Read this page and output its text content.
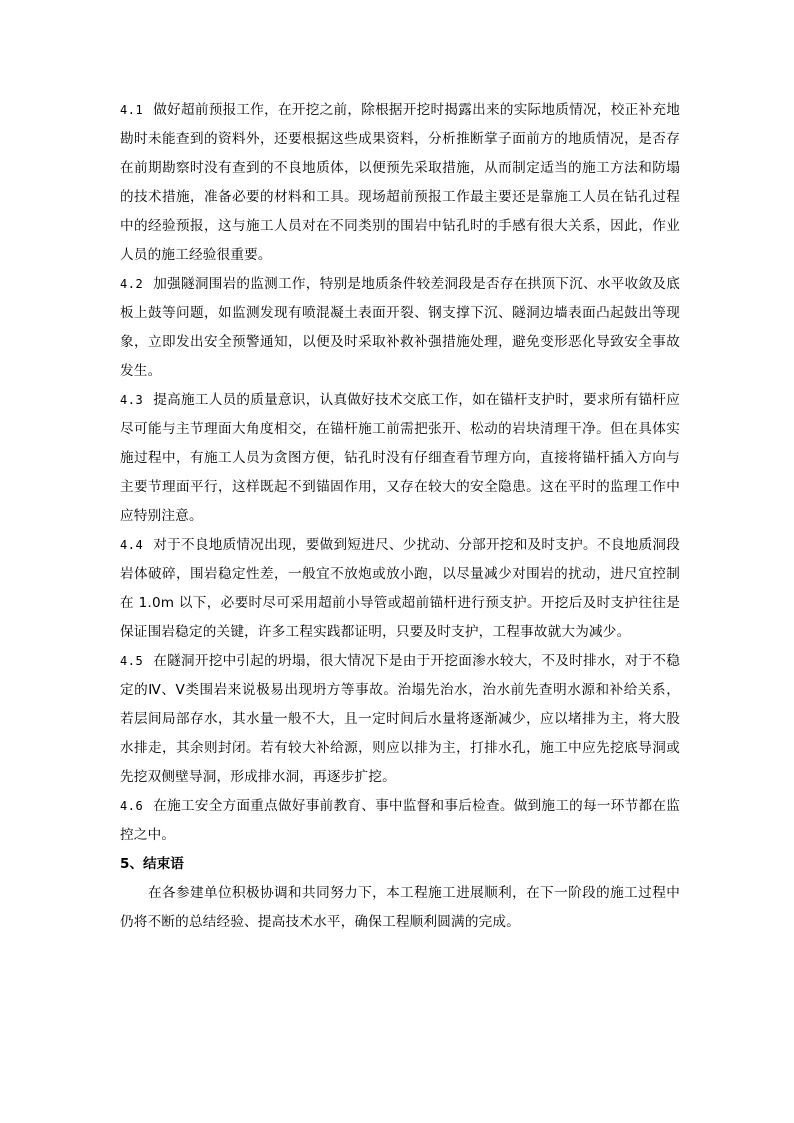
4.1 做好超前预报工作，在开挖之前，除根据开挖时揭露出来的实际地质情况，校正补充地勘时未能查到的资料外，还要根据这些成果资料，分析推断掌子面前方的地质情况，是否存在前期勘察时没有查到的不良地质体，以便预先采取措施，从而制定适当的施工方法和防塌的技术措施，准备必要的材料和工具。现场超前预报工作最主要还是靠施工人员在钻孔过程中的经验预报，这与施工人员对在不同类别的围岩中钻孔时的手感有很大关系，因此，作业人员的施工经验很重要。

4.2 加强隧洞围岩的监测工作，特别是地质条件较差洞段是否存在拱顶下沉、水平收敛及底板上鼓等问题，如监测发现有喷混凝土表面开裂、钢支撑下沉、隧洞边墙表面凸起鼓出等现象，立即发出安全预警通知，以便及时采取补救补强措施处理，避免变形恶化导致安全事故发生。

4.3 提高施工人员的质量意识，认真做好技术交底工作，如在锚杆支护时，要求所有锚杆应尽可能与主节理面大角度相交，在锚杆施工前需把张开、松动的岩块清理干净。但在具体实施过程中，有施工人员为贪图方便，钻孔时没有仔细查看节理方向，直接将锚杆插入方向与主要节理面平行，这样既起不到锚固作用，又存在较大的安全隐患。这在平时的监理工作中应特别注意。

4.4 对于不良地质情况出现，要做到短进尺、少扰动、分部开挖和及时支护。不良地质洞段岩体破碎，围岩稳定性差，一般宜不放炮或放小跑，以尽量减少对围岩的扰动，进尺宜控制在 1.0m 以下，必要时尽可采用超前小导管或超前锚杆进行预支护。开挖后及时支护往往是保证围岩稳定的关键，许多工程实践都证明，只要及时支护，工程事故就大为减少。

4.5 在隧洞开挖中引起的坍塌，很大情况下是由于开挖面渗水较大，不及时排水，对于不稳定的Ⅳ、Ⅴ类围岩来说极易出现坍方等事故。治塌先治水，治水前先查明水源和补给关系，若层间局部存水，其水量一般不大，且一定时间后水量将逐渐减少，应以堵排为主，将大股水排走，其余则封闭。若有较大补给源，则应以排为主，打排水孔，施工中应先挖底导洞或先挖双侧壁导洞，形成排水洞，再逐步扩挖。

4.6 在施工安全方面重点做好事前教育、事中监督和事后检查。做到施工的每一环节都在监控之中。

5、结束语

在各参建单位积极协调和共同努力下，本工程施工进展顺利，在下一阶段的施工过程中仍将不断的总结经验、提高技术水平，确保工程顺利圆满的完成。
